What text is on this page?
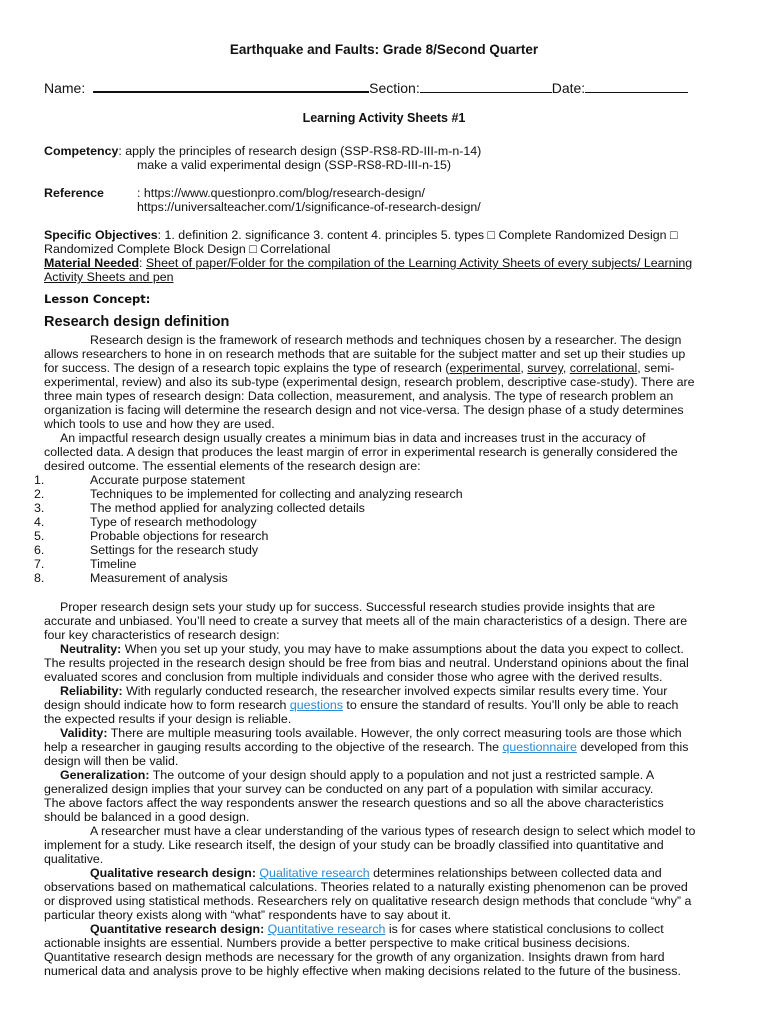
Earthquake and Faults: Grade 8/Second Quarter
Name:	Section:	Date:
Learning Activity Sheets #1
Competency: apply the principles of research design (SSP-RS8-RD-III-m-n-14)
make a valid experimental design (SSP-RS8-RD-III-n-15)
Reference	: https://www.questionpro.com/blog/research-design/
https://universalteacher.com/1/significance-of-research-design/
Specific Objectives: 1. definition 2. significance 3. content 4. principles 5. types □ Complete Randomized Design □
Randomized Complete Block Design □ Correlational
Material Needed: Sheet of paper/Folder for the compilation of the Learning Activity Sheets of every subjects/ Learning
Activity Sheets and pen
Lesson Concept:
Research design definition
Research design is the framework of research methods and techniques chosen by a researcher. The design
allows researchers to hone in on research methods that are suitable for the subject matter and set up their studies up
for success. The design of a research topic explains the type of research (experimental, survey, correlational, semi-
experimental, review) and also its sub-type (experimental design, research problem, descriptive case-study). There are
three main types of research design: Data collection, measurement, and analysis. The type of research problem an
organization is facing will determine the research design and not vice-versa. The design phase of a study determines
which tools to use and how they are used.
An impactful research design usually creates a minimum bias in data and increases trust in the accuracy of
collected data. A design that produces the least margin of error in experimental research is generally considered the
desired outcome. The essential elements of the research design are:
1.	Accurate purpose statement
2.	Techniques to be implemented for collecting and analyzing research
3.	The method applied for analyzing collected details
4.	Type of research methodology
5.	Probable objections for research
6.	Settings for the research study
7.	Timeline
8.	Measurement of analysis
Proper research design sets your study up for success. Successful research studies provide insights that are
accurate and unbiased. You’ll need to create a survey that meets all of the main characteristics of a design. There are
four key characteristics of research design:
Neutrality: When you set up your study, you may have to make assumptions about the data you expect to collect.
The results projected in the research design should be free from bias and neutral. Understand opinions about the final
evaluated scores and conclusion from multiple individuals and consider those who agree with the derived results.
Reliability: With regularly conducted research, the researcher involved expects similar results every time. Your
design should indicate how to form research questions to ensure the standard of results. You’ll only be able to reach
the expected results if your design is reliable.
Validity: There are multiple measuring tools available. However, the only correct measuring tools are those which
help a researcher in gauging results according to the objective of the research. The questionnaire developed from this
design will then be valid.
Generalization: The outcome of your design should apply to a population and not just a restricted sample. A
generalized design implies that your survey can be conducted on any part of a population with similar accuracy.
The above factors affect the way respondents answer the research questions and so all the above characteristics
should be balanced in a good design.
A researcher must have a clear understanding of the various types of research design to select which model to
implement for a study. Like research itself, the design of your study can be broadly classified into quantitative and
qualitative.
Qualitative research design: Qualitative research determines relationships between collected data and
observations based on mathematical calculations. Theories related to a naturally existing phenomenon can be proved
or disproved using statistical methods. Researchers rely on qualitative research design methods that conclude “why” a
particular theory exists along with “what” respondents have to say about it.
Quantitative research design: Quantitative research is for cases where statistical conclusions to collect
actionable insights are essential. Numbers provide a better perspective to make critical business decisions.
Quantitative research design methods are necessary for the growth of any organization. Insights drawn from hard
numerical data and analysis prove to be highly effective when making decisions related to the future of the business.
